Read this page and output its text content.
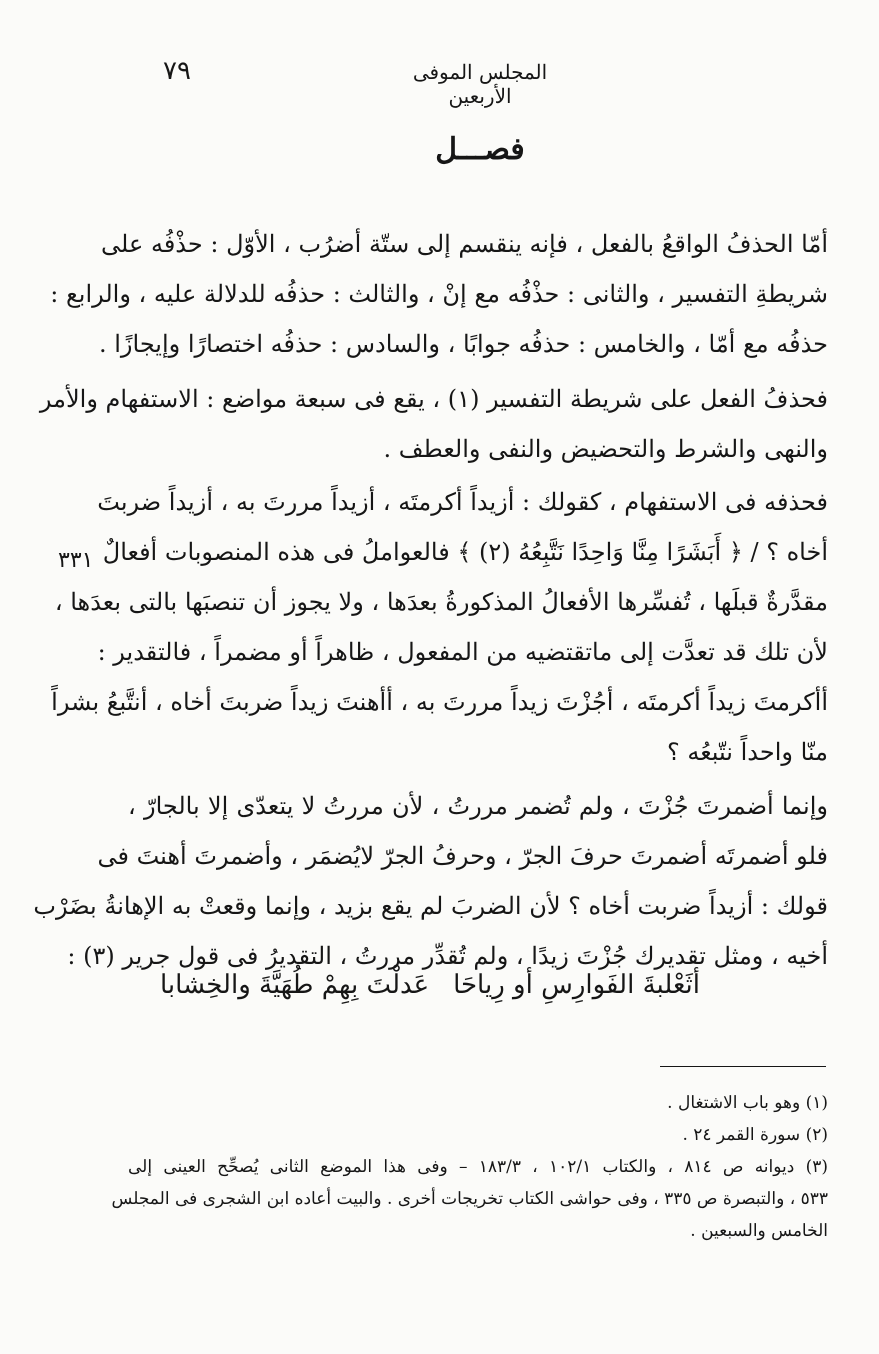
٧٩	المجلس الموفى الأربعين
فصـــل
٣٣١
أمّا الحذفُ الواقعُ بالفعل ، فإنه ينقسم إلى ستّة أضرُب ، الأوّل : حذْفُه على
شريطةِ التفسير ، والثانى : حذْفُه مع إنْ ، والثالث : حذفُه للدلالة عليه ، والرابع :
حذفُه مع أمّا ، والخامس : حذفُه جوابًا ، والسادس : حذفُه اختصارًا وإيجازًا .
فحذفُ الفعل على شريطة التفسير (١) ، يقع فى سبعة مواضع : الاستفهام والأمر
والنهى والشرط والتحضيض والنفى والعطف .
فحذفه فى الاستفهام ، كقولك : أزيداً أكرمتَه ، أزيداً مررتَ به ، أزيداً ضربتَ
أخاه ؟ / ﴿ أَبَشَرًا مِنَّا وَاحِدًا نَتَّبِعُهُ (٢) ﴾ فالعواملُ فى هذه المنصوبات أفعالٌ
مقدَّرةٌ قبلَها ، تُفسِّرها الأفعالُ المذكورةُ بعدَها ، ولا يجوز أن تنصبَها بالتى بعدَها ،
لأن تلك قد تعدَّت إلى ماتقتضيه من المفعول ، ظاهراً أو مضمراً ، فالتقدير :
أأكرمتَ زيداً أكرمتَه ، أجُزْتَ زيداً مررتَ به ، أأهنتَ زيداً ضربتَ أخاه ، أنتَّبعُ بشراً
منّا واحداً نتّبعُه ؟
وإنما أضمرتَ جُزْتَ ، ولم تُضمر مررتُ ، لأن مررتُ لا يتعدّى إلا بالجارّ ،
فلو أضمرتَه أضمرتَ حرفَ الجرّ ، وحرفُ الجرّ لايُضمَر ، وأضمرتَ أهنتَ فى
قولك : أزيداً ضربت أخاه ؟ لأن الضربَ لم يقع بزيد ، وإنما وقعتْ به الإهانةُ بضَرْب
أخيه ، ومثل تقديرك جُزْتَ زيدًا ، ولم تُقدِّر مررتُ ، التقديرُ فى قول جرير (٣) :
أثَعْلبةَ الفَوارِسِ أو رِياحَا
عَدلْتَ بِهِمْ طُهَيَّةَ والخِشابا
(١) وهو باب الاشتغال .
(٢) سورة القمر ٢٤ .
(٣) ديوانه ص ٨١٤ ، والكتاب ١٠٢/١ ، ١٨٣/٣ – وفى هذا الموضع الثانى يُصحِّح العينى إلى
٥٣٣ ، والتبصرة ص ٣٣٥ ، وفى حواشى الكتاب تخريجات أخرى . والبيت أعاده ابن الشجرى فى المجلس
الخامس والسبعين .
